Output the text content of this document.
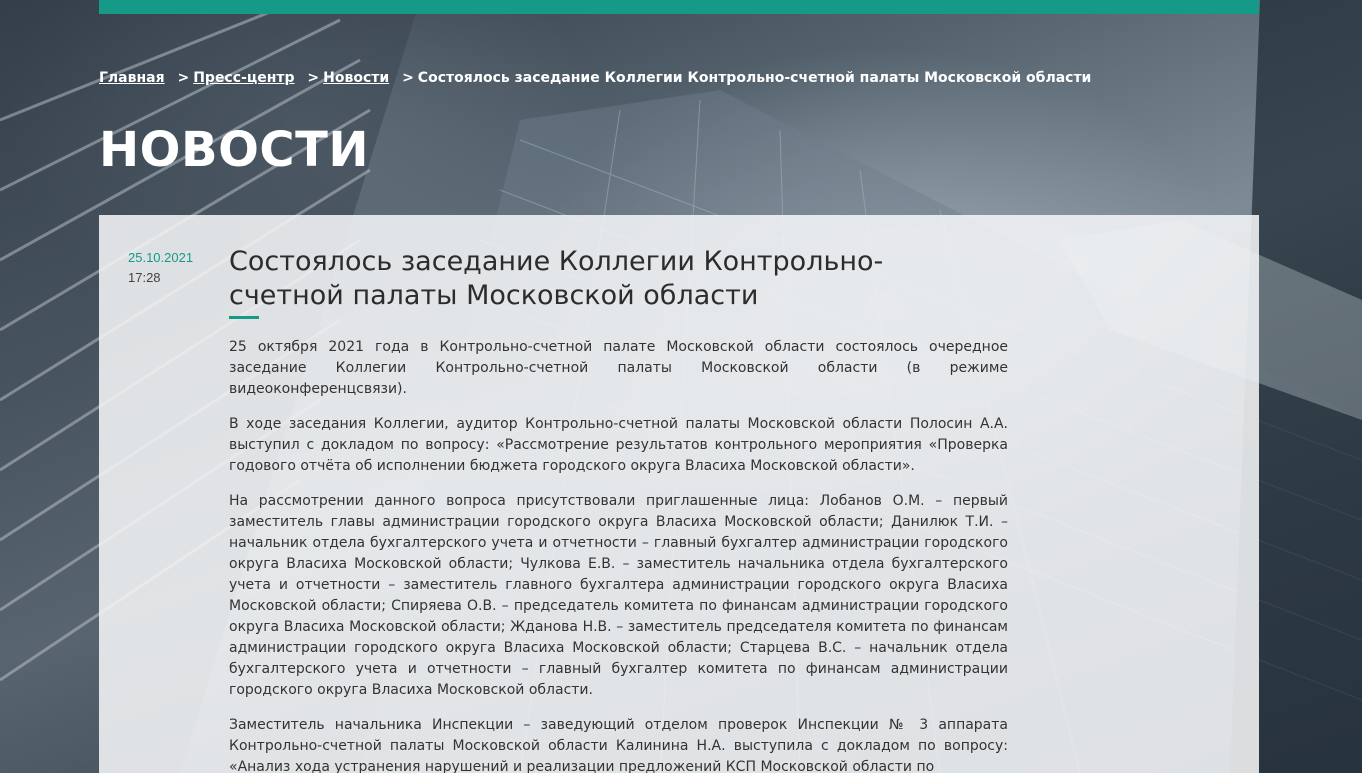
Главная > Пресс-центр > Новости > Состоялось заседание Коллегии Контрольно-счетной палаты Московской области
НОВОСТИ
25.10.2021
17:28
Состоялось заседание Коллегии Контрольно-счетной палаты Московской области

25 октября 2021 года в Контрольно-счетной палате Московской области состоялось очередное заседание Коллегии Контрольно-счетной палаты Московской области (в режиме видеоконференцсвязи).

В ходе заседания Коллегии, аудитор Контрольно-счетной палаты Московской области Полосин А.А. выступил с докладом по вопросу: «Рассмотрение результатов контрольного мероприятия «Проверка годового отчёта об исполнении бюджета городского округа Власиха Московской области».

На рассмотрении данного вопроса присутствовали приглашенные лица: Лобанов О.М. – первый заместитель главы администрации городского округа Власиха Московской области; Данилюк Т.И. – начальник отдела бухгалтерского учета и отчетности – главный бухгалтер администрации городского округа Власиха Московской области; Чулкова Е.В. – заместитель начальника отдела бухгалтерского учета и отчетности – заместитель главного бухгалтера администрации городского округа Власиха Московской области; Спиряева О.В. – председатель комитета по финансам администрации городского округа Власиха Московской области; Жданова Н.В. – заместитель председателя комитета по финансам администрации городского округа Власиха Московской области; Старцева В.С. – начальник отдела бухгалтерского учета и отчетности – главный бухгалтер комитета по финансам администрации городского округа Власиха Московской области.

Заместитель начальника Инспекции – заведующий отделом проверок Инспекции № 3 аппарата Контрольно-счетной палаты Московской области Калинина Н.А. выступила с докладом по вопросу: «Анализ хода устранения нарушений и реализации предложений КСП Московской области по
